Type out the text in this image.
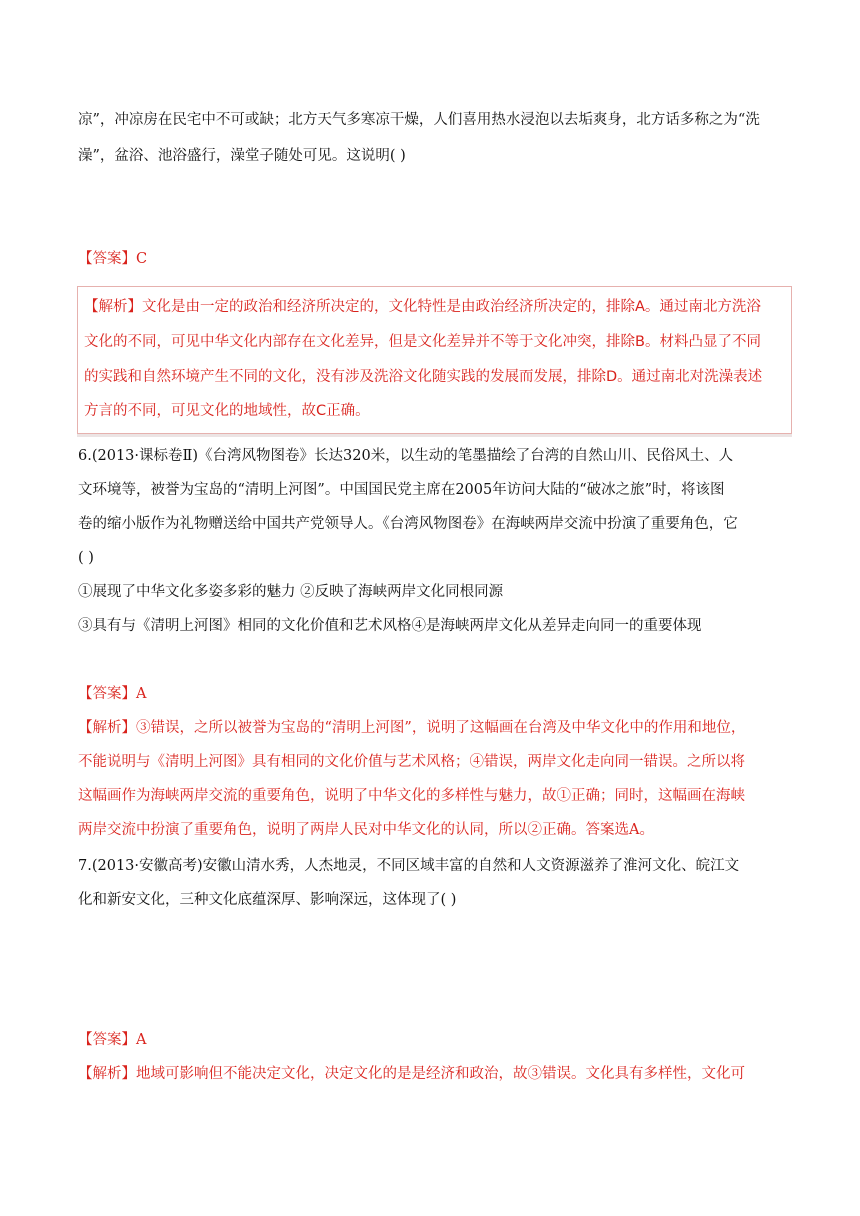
凉”，冲凉房在民宅中不可或缺；北方天气多寒凉干燥，人们喜用热水浸泡以去垢爽身，北方话多称之为“洗
澡”，盆浴、池浴盛行，澡堂子随处可见。这说明( )
【答案】C
【解析】文化是由一定的政治和经济所决定的，文化特性是由政治经济所决定的，排除A。通过南北方洗浴
文化的不同，可见中华文化内部存在文化差异，但是文化差异并不等于文化冲突，排除B。材料凸显了不同
的实践和自然环境产生不同的文化，没有涉及洗浴文化随实践的发展而发展，排除D。通过南北对洗澡表述
方言的不同，可见文化的地域性，故C正确。
6.(2013·课标卷Ⅱ)《台湾风物图卷》长达320米，以生动的笔墨描绘了台湾的自然山川、民俗风土、人
文环境等，被誉为宝岛的“清明上河图”。中国国民党主席在2005年访问大陆的“破冰之旅”时，将该图
卷的缩小版作为礼物赠送给中国共产党领导人。《台湾风物图卷》在海峡两岸交流中扮演了重要角色，它
( )
①展现了中华文化多姿多彩的魅力 ②反映了海峡两岸文化同根同源
③具有与《清明上河图》相同的文化价值和艺术风格④是海峡两岸文化从差异走向同一的重要体现
【答案】A
【解析】③错误，之所以被誉为宝岛的“清明上河图”，说明了这幅画在台湾及中华文化中的作用和地位，
不能说明与《清明上河图》具有相同的文化价值与艺术风格；④错误，两岸文化走向同一错误。之所以将
这幅画作为海峡两岸交流的重要角色，说明了中华文化的多样性与魅力，故①正确；同时，这幅画在海峡
两岸交流中扮演了重要角色，说明了两岸人民对中华文化的认同，所以②正确。答案选A。
7.(2013·安徽高考)安徽山清水秀，人杰地灵，不同区域丰富的自然和人文资源滋养了淮河文化、皖江文
化和新安文化，三种文化底蕴深厚、影响深远，这体现了( )
【答案】A
【解析】地域可影响但不能决定文化，决定文化的是是经济和政治，故③错误。文化具有多样性，文化可
